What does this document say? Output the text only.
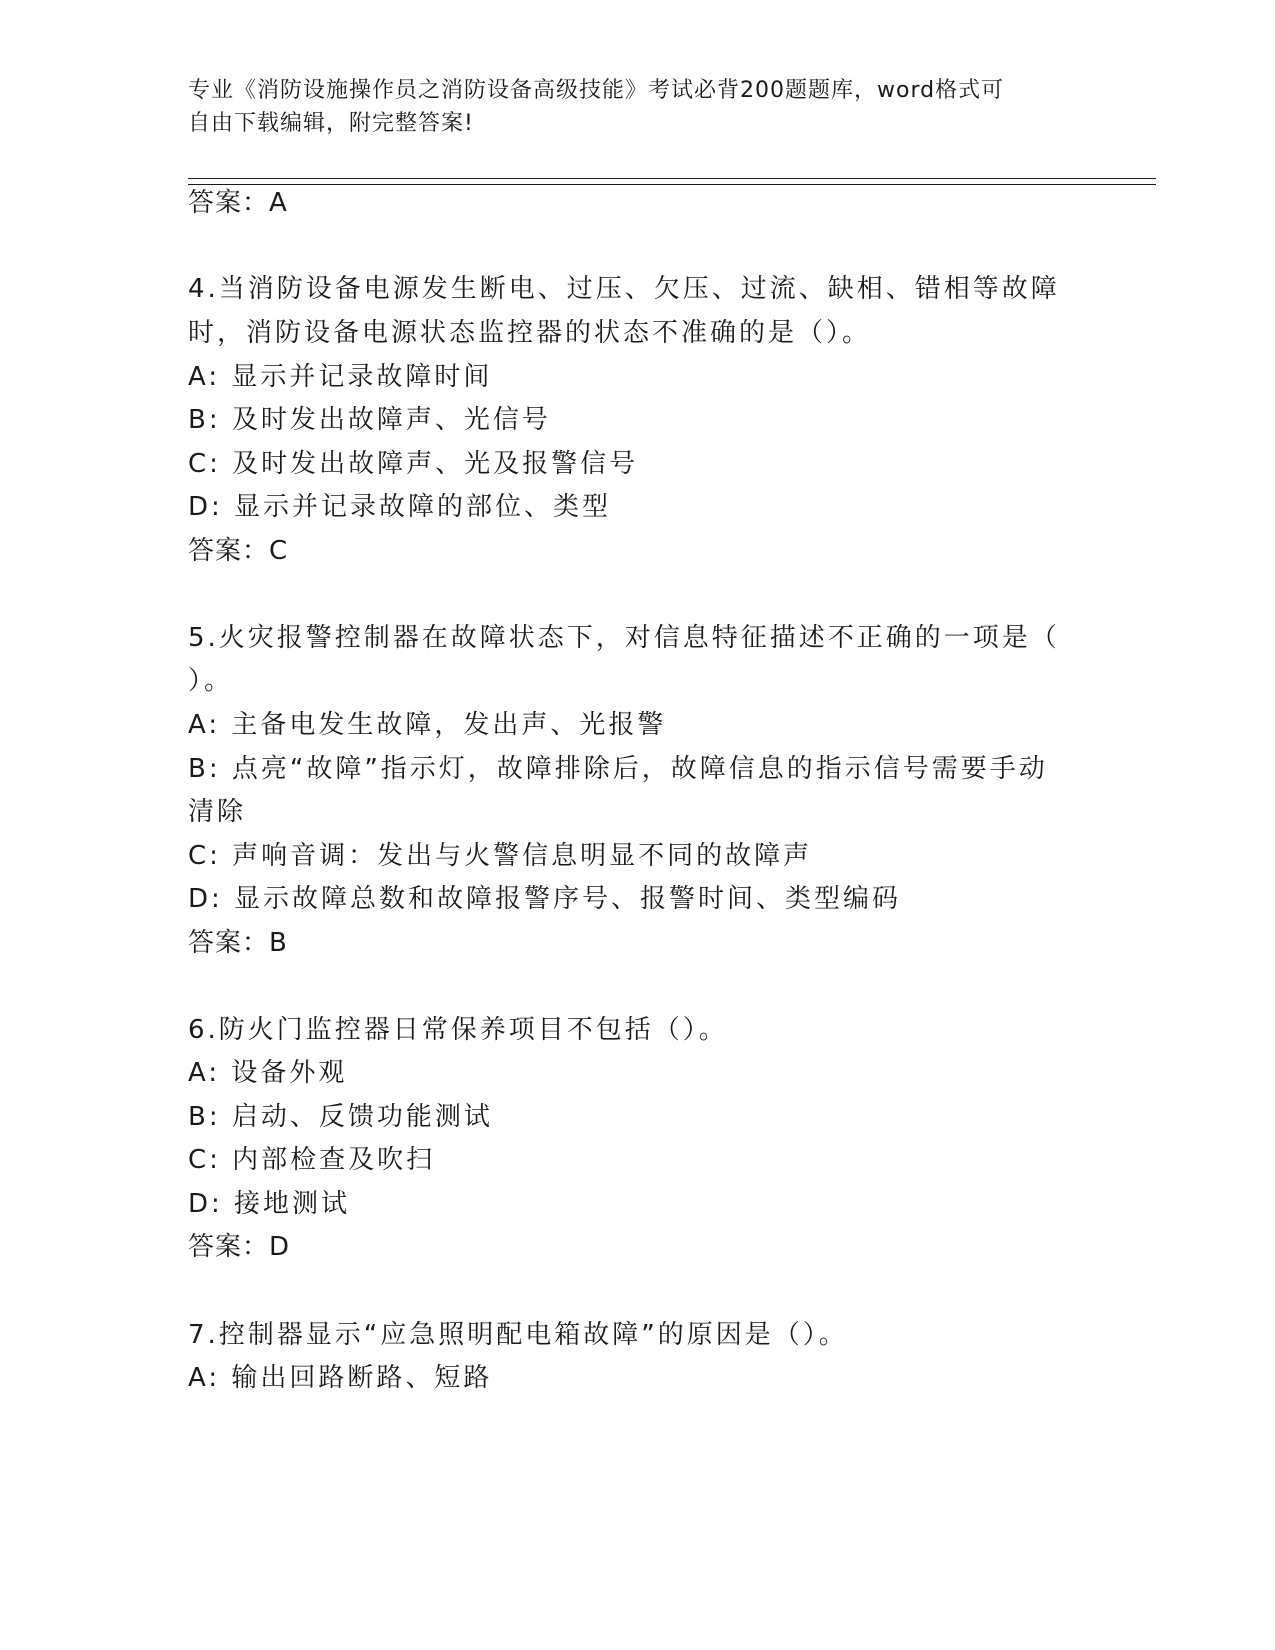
专业《消防设施操作员之消防设备高级技能》考试必背200题题库，word格式可
自由下载编辑，附完整答案!
答案：A
4.当消防设备电源发生断电、过压、欠压、过流、缺相、错相等故障
时，消防设备电源状态监控器的状态不准确的是（）。
A: 显示并记录故障时间
B: 及时发出故障声、光信号
C: 及时发出故障声、光及报警信号
D: 显示并记录故障的部位、类型
答案：C
5.火灾报警控制器在故障状态下，对信息特征描述不正确的一项是（
）。
A: 主备电发生故障，发出声、光报警
B: 点亮“故障”指示灯，故障排除后，故障信息的指示信号需要手动
清除
C: 声响音调：发出与火警信息明显不同的故障声
D: 显示故障总数和故障报警序号、报警时间、类型编码
答案：B
6.防火门监控器日常保养项目不包括（）。
A: 设备外观
B: 启动、反馈功能测试
C: 内部检查及吹扫
D: 接地测试
答案：D
7.控制器显示“应急照明配电箱故障”的原因是（）。
A: 输出回路断路、短路
